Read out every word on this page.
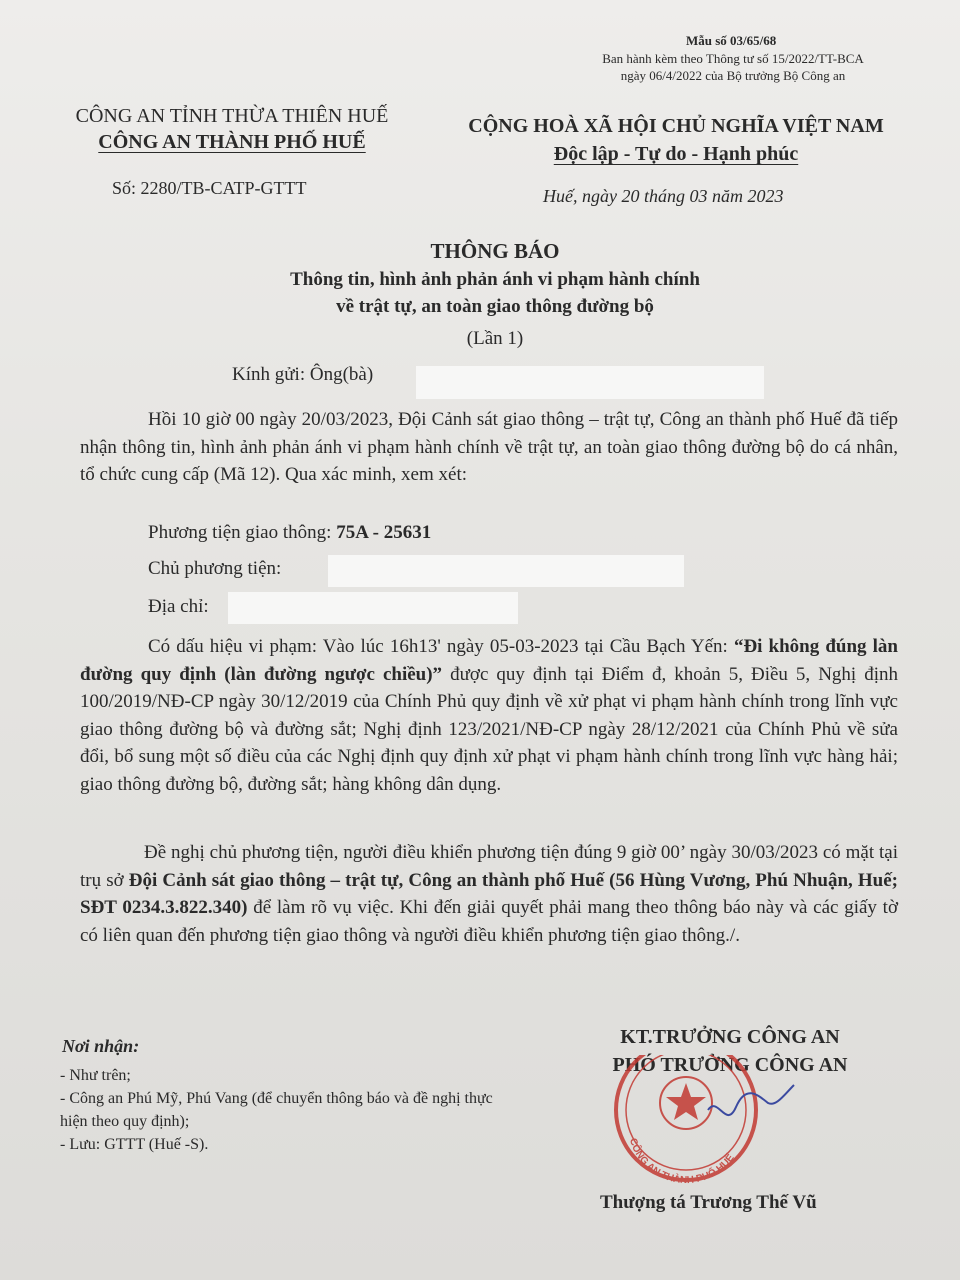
Mẫu số 03/65/68
Ban hành kèm theo Thông tư số 15/2022/TT-BCA
ngày 06/4/2022 của Bộ trưởng Bộ Công an
CÔNG AN TỈNH THỪA THIÊN HUẾ
CÔNG AN THÀNH PHỐ HUẾ
CỘNG HOÀ XÃ HỘI CHỦ NGHĨA VIỆT NAM
Độc lập - Tự do - Hạnh phúc
Số: 2280/TB-CATP-GTTT	Huế, ngày 20 tháng 03 năm 2023
THÔNG BÁO
Thông tin, hình ảnh phản ánh vi phạm hành chính
về trật tự, an toàn giao thông đường bộ
(Lần 1)
Kính gửi: Ông(bà)
Hồi 10 giờ 00 ngày 20/03/2023, Đội Cảnh sát giao thông – trật tự, Công an thành phố Huế đã tiếp nhận thông tin, hình ảnh phản ánh vi phạm hành chính về trật tự, an toàn giao thông đường bộ do cá nhân, tổ chức cung cấp (Mã 12). Qua xác minh, xem xét:
Phương tiện giao thông: 75A - 25631
Chủ phương tiện:
Địa chỉ:
Có dấu hiệu vi phạm: Vào lúc 16h13' ngày 05-03-2023 tại Cầu Bạch Yến: “Đi không đúng làn đường quy định (làn đường ngược chiều)” được quy định tại Điểm đ, khoản 5, Điều 5, Nghị định 100/2019/NĐ-CP ngày 30/12/2019 của Chính Phủ quy định về xử phạt vi phạm hành chính trong lĩnh vực giao thông đường bộ và đường sắt; Nghị định 123/2021/NĐ-CP ngày 28/12/2021 của Chính Phủ về sửa đổi, bổ sung một số điều của các Nghị định quy định xử phạt vi phạm hành chính trong lĩnh vực hàng hải; giao thông đường bộ, đường sắt; hàng không dân dụng.
Đề nghị chủ phương tiện, người điều khiển phương tiện đúng 9 giờ 00’ ngày 30/03/2023 có mặt tại trụ sở Đội Cảnh sát giao thông – trật tự, Công an thành phố Huế (56 Hùng Vương, Phú Nhuận, Huế; SĐT 0234.3.822.340) để làm rõ vụ việc. Khi đến giải quyết phải mang theo thông báo này và các giấy tờ có liên quan đến phương tiện giao thông và người điều khiển phương tiện giao thông./.
Nơi nhận:
- Như trên;
- Công an Phú Mỹ, Phú Vang (để chuyển thông báo và đề nghị thực hiện theo quy định);
- Lưu: GTTT (Huế -S).
KT.TRƯỞNG CÔNG AN
PHÓ TRƯỞNG CÔNG AN
CÔNG AN THÀNH PHỐ HUẾ
Thượng tá Trương Thế Vũ
